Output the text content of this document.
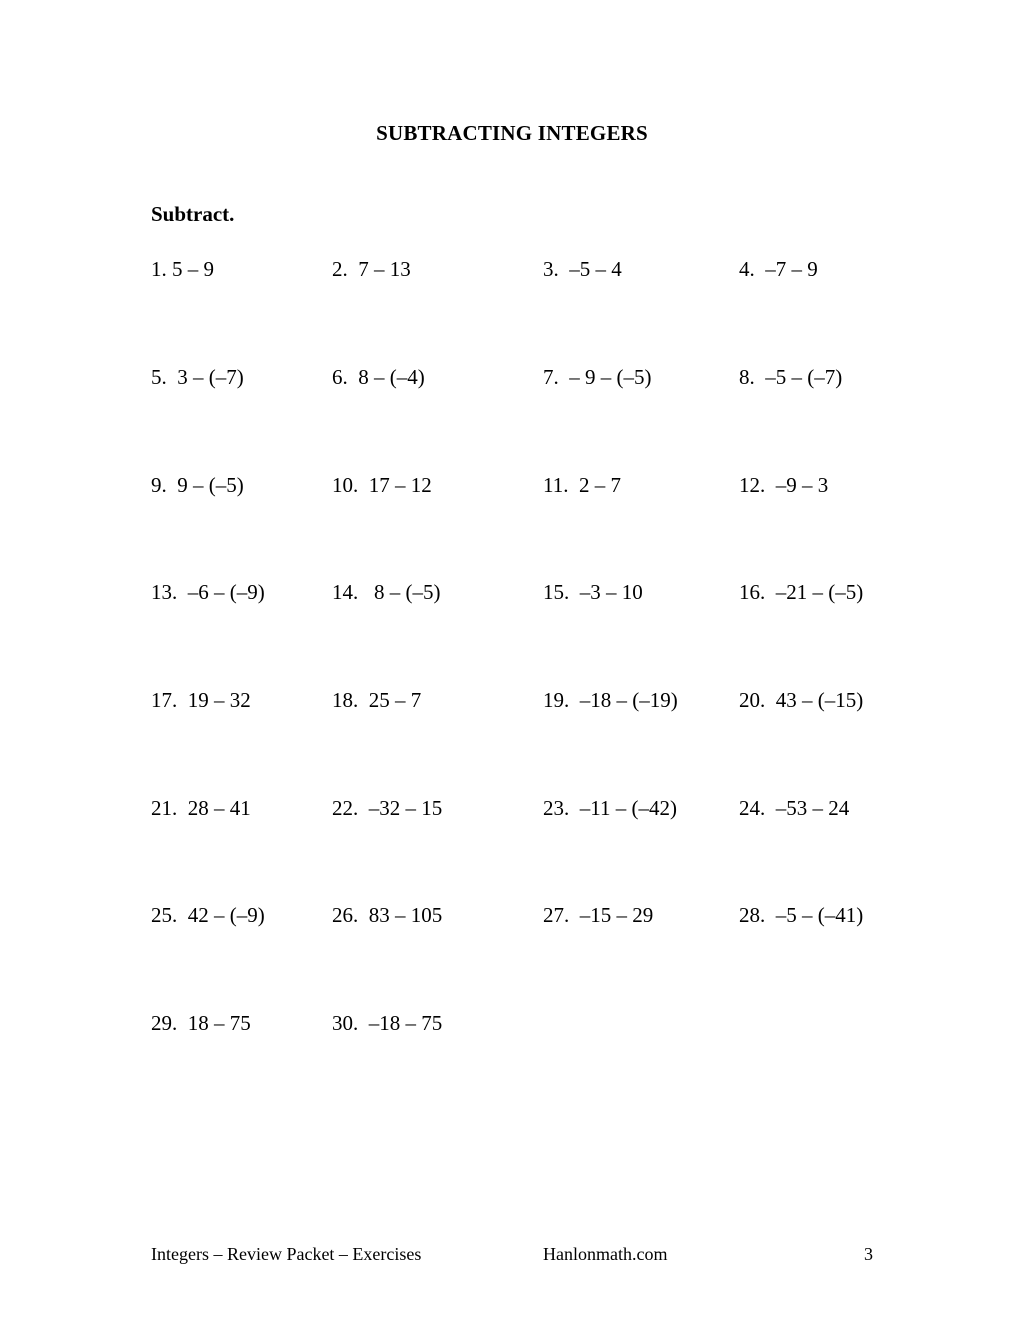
SUBTRACTING INTEGERS
Subtract.
1. 5 – 9	2.  7 – 13	3.  –5 – 4	4.  –7 – 9
5.  3 – (–7)	6.  8 – (–4)	7.  – 9 – (–5)	8.  –5 – (–7)
9.  9 – (–5)	10.  17 – 12	11.  2 – 7	12.  –9 – 3
13.  –6 – (–9)	14.   8 – (–5)	15.  –3 – 10	16.  –21 – (–5)
17.  19 – 32	18.  25 – 7	19.  –18 – (–19)	20.  43 – (–15)
21.  28 – 41	22.  –32 – 15	23.  –11 – (–42)	24.  –53 – 24
25.  42 – (–9)	26.  83 – 105	27.  –15 – 29	28.  –5 – (–41)
29.  18 – 75	30.  –18 – 75
Integers – Review Packet – Exercises	Hanlonmath.com	3
